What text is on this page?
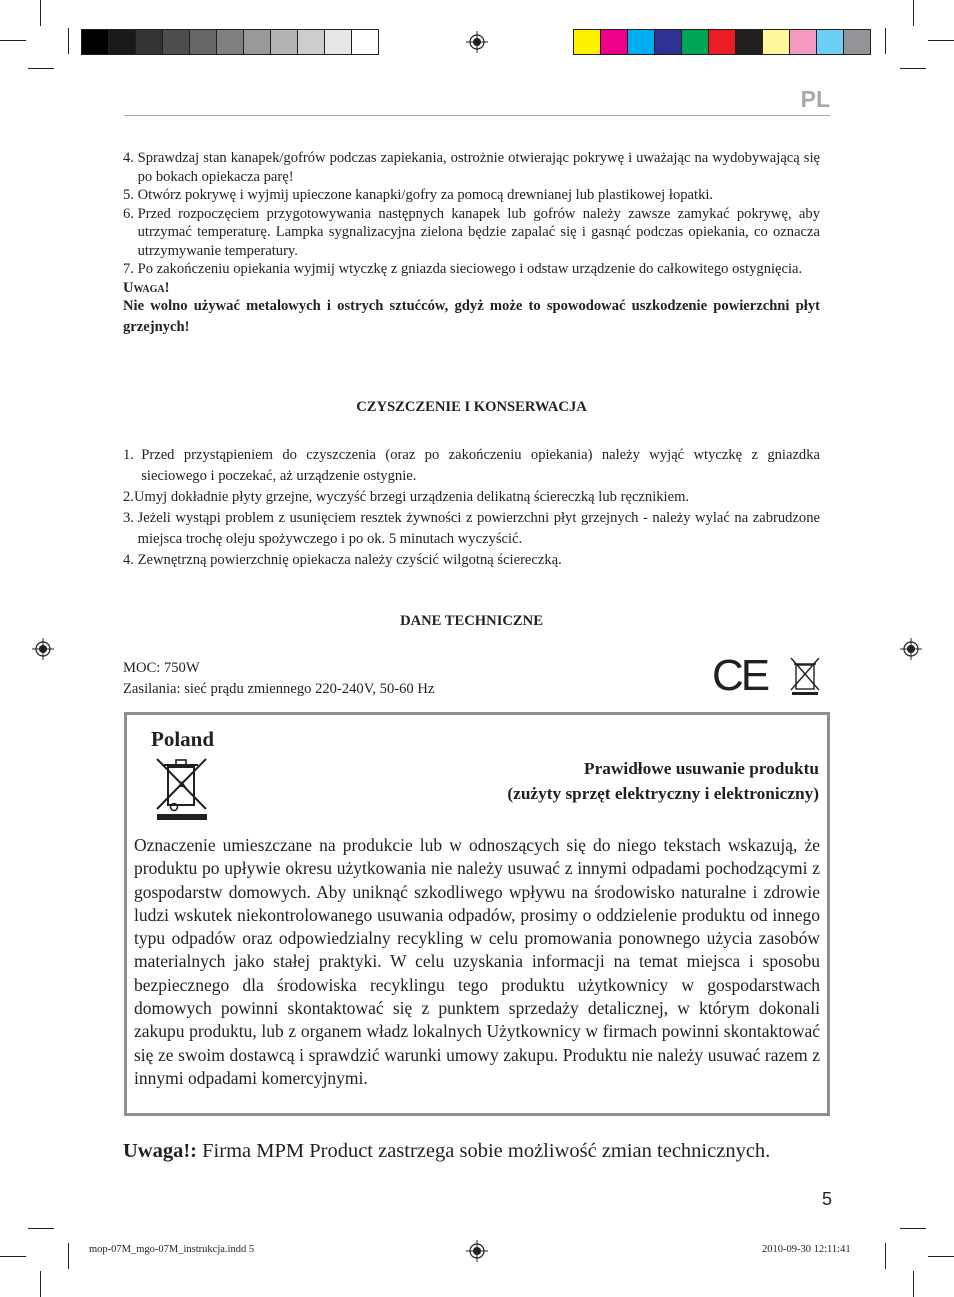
PL
4. Sprawdzaj stan kanapek/gofrów podczas zapiekania, ostrożnie otwierając pokrywę i uważając na wydobywającą się po bokach opiekacza parę!
5. Otwórz pokrywę i wyjmij upieczone kanapki/gofry za pomocą drewnianej lub plastikowej łopatki.
6. Przed rozpoczęciem przygotowywania następnych kanapek lub gofrów należy zawsze zamykać pokrywę, aby utrzymać temperaturę. Lampka sygnalizacyjna zielona będzie zapalać się i gasnąć podczas opiekania, co oznacza utrzymywanie temperatury.
7. Po zakończeniu opiekania wyjmij wtyczkę z gniazda sieciowego i odstaw urządzenie do całkowitego ostygnięcia.
Uwaga!
Nie wolno używać metalowych i ostrych sztućców, gdyż może to spowodować uszkodzenie powierzchni płyt grzejnych!
CZYSZCZENIE I KONSERWACJA
1. Przed przystąpieniem do czyszczenia (oraz po zakończeniu opiekania) należy wyjąć wtyczkę z gniazdka sieciowego i poczekać, aż urządzenie ostygnie.
2. Umyj dokładnie płyty grzejne, wyczyść brzegi urządzenia delikatną ściereczką lub ręcznikiem.
3. Jeżeli wystąpi problem z usunięciem resztek żywności z powierzchni płyt grzejnych - należy wylać na zabrudzone miejsca trochę oleju spożywczego i po ok. 5 minutach wyczyścić.
4. Zewnętrzną powierzchnię opiekacza należy czyścić wilgotną ściereczką.
DANE TECHNICZNE
MOC: 750W
Zasilania: sieć prądu zmiennego 220-240V, 50-60 Hz	CE
Poland
Prawidłowe usuwanie produktu
(zużyty sprzęt elektryczny i elektroniczny)
Oznaczenie umieszczane na produkcie lub w odnoszących się do niego tekstach wskazują, że produktu po upływie okresu użytkowania nie należy usuwać z innymi odpadami pochodzącymi z gospodarstw domowych. Aby uniknąć szkodliwego wpływu na środowisko naturalne i zdrowie ludzi wskutek niekontrolowanego usuwania odpadów, prosimy o oddzielenie produktu od innego typu odpadów oraz odpowiedzialny recykling w celu promowania ponownego użycia zasobów materialnych jako stałej praktyki. W celu uzyskania informacji na temat miejsca i sposobu bezpiecznego dla środowiska recyklingu tego produktu użytkownicy w gospodarstwach domowych powinni skontaktować się z punktem sprzedaży detalicznej, w którym dokonali zakupu produktu, lub z organem władz lokalnych Użytkownicy w firmach powinni skontaktować się ze swoim dostawcą i sprawdzić warunki umowy zakupu. Produktu nie należy usuwać razem z innymi odpadami komercyjnymi.
Uwaga!: Firma MPM Product zastrzega sobie możliwość zmian technicznych.
5
mop-07M_mgo-07M_instrukcja.indd 5	2010-09-30 12:11:41
